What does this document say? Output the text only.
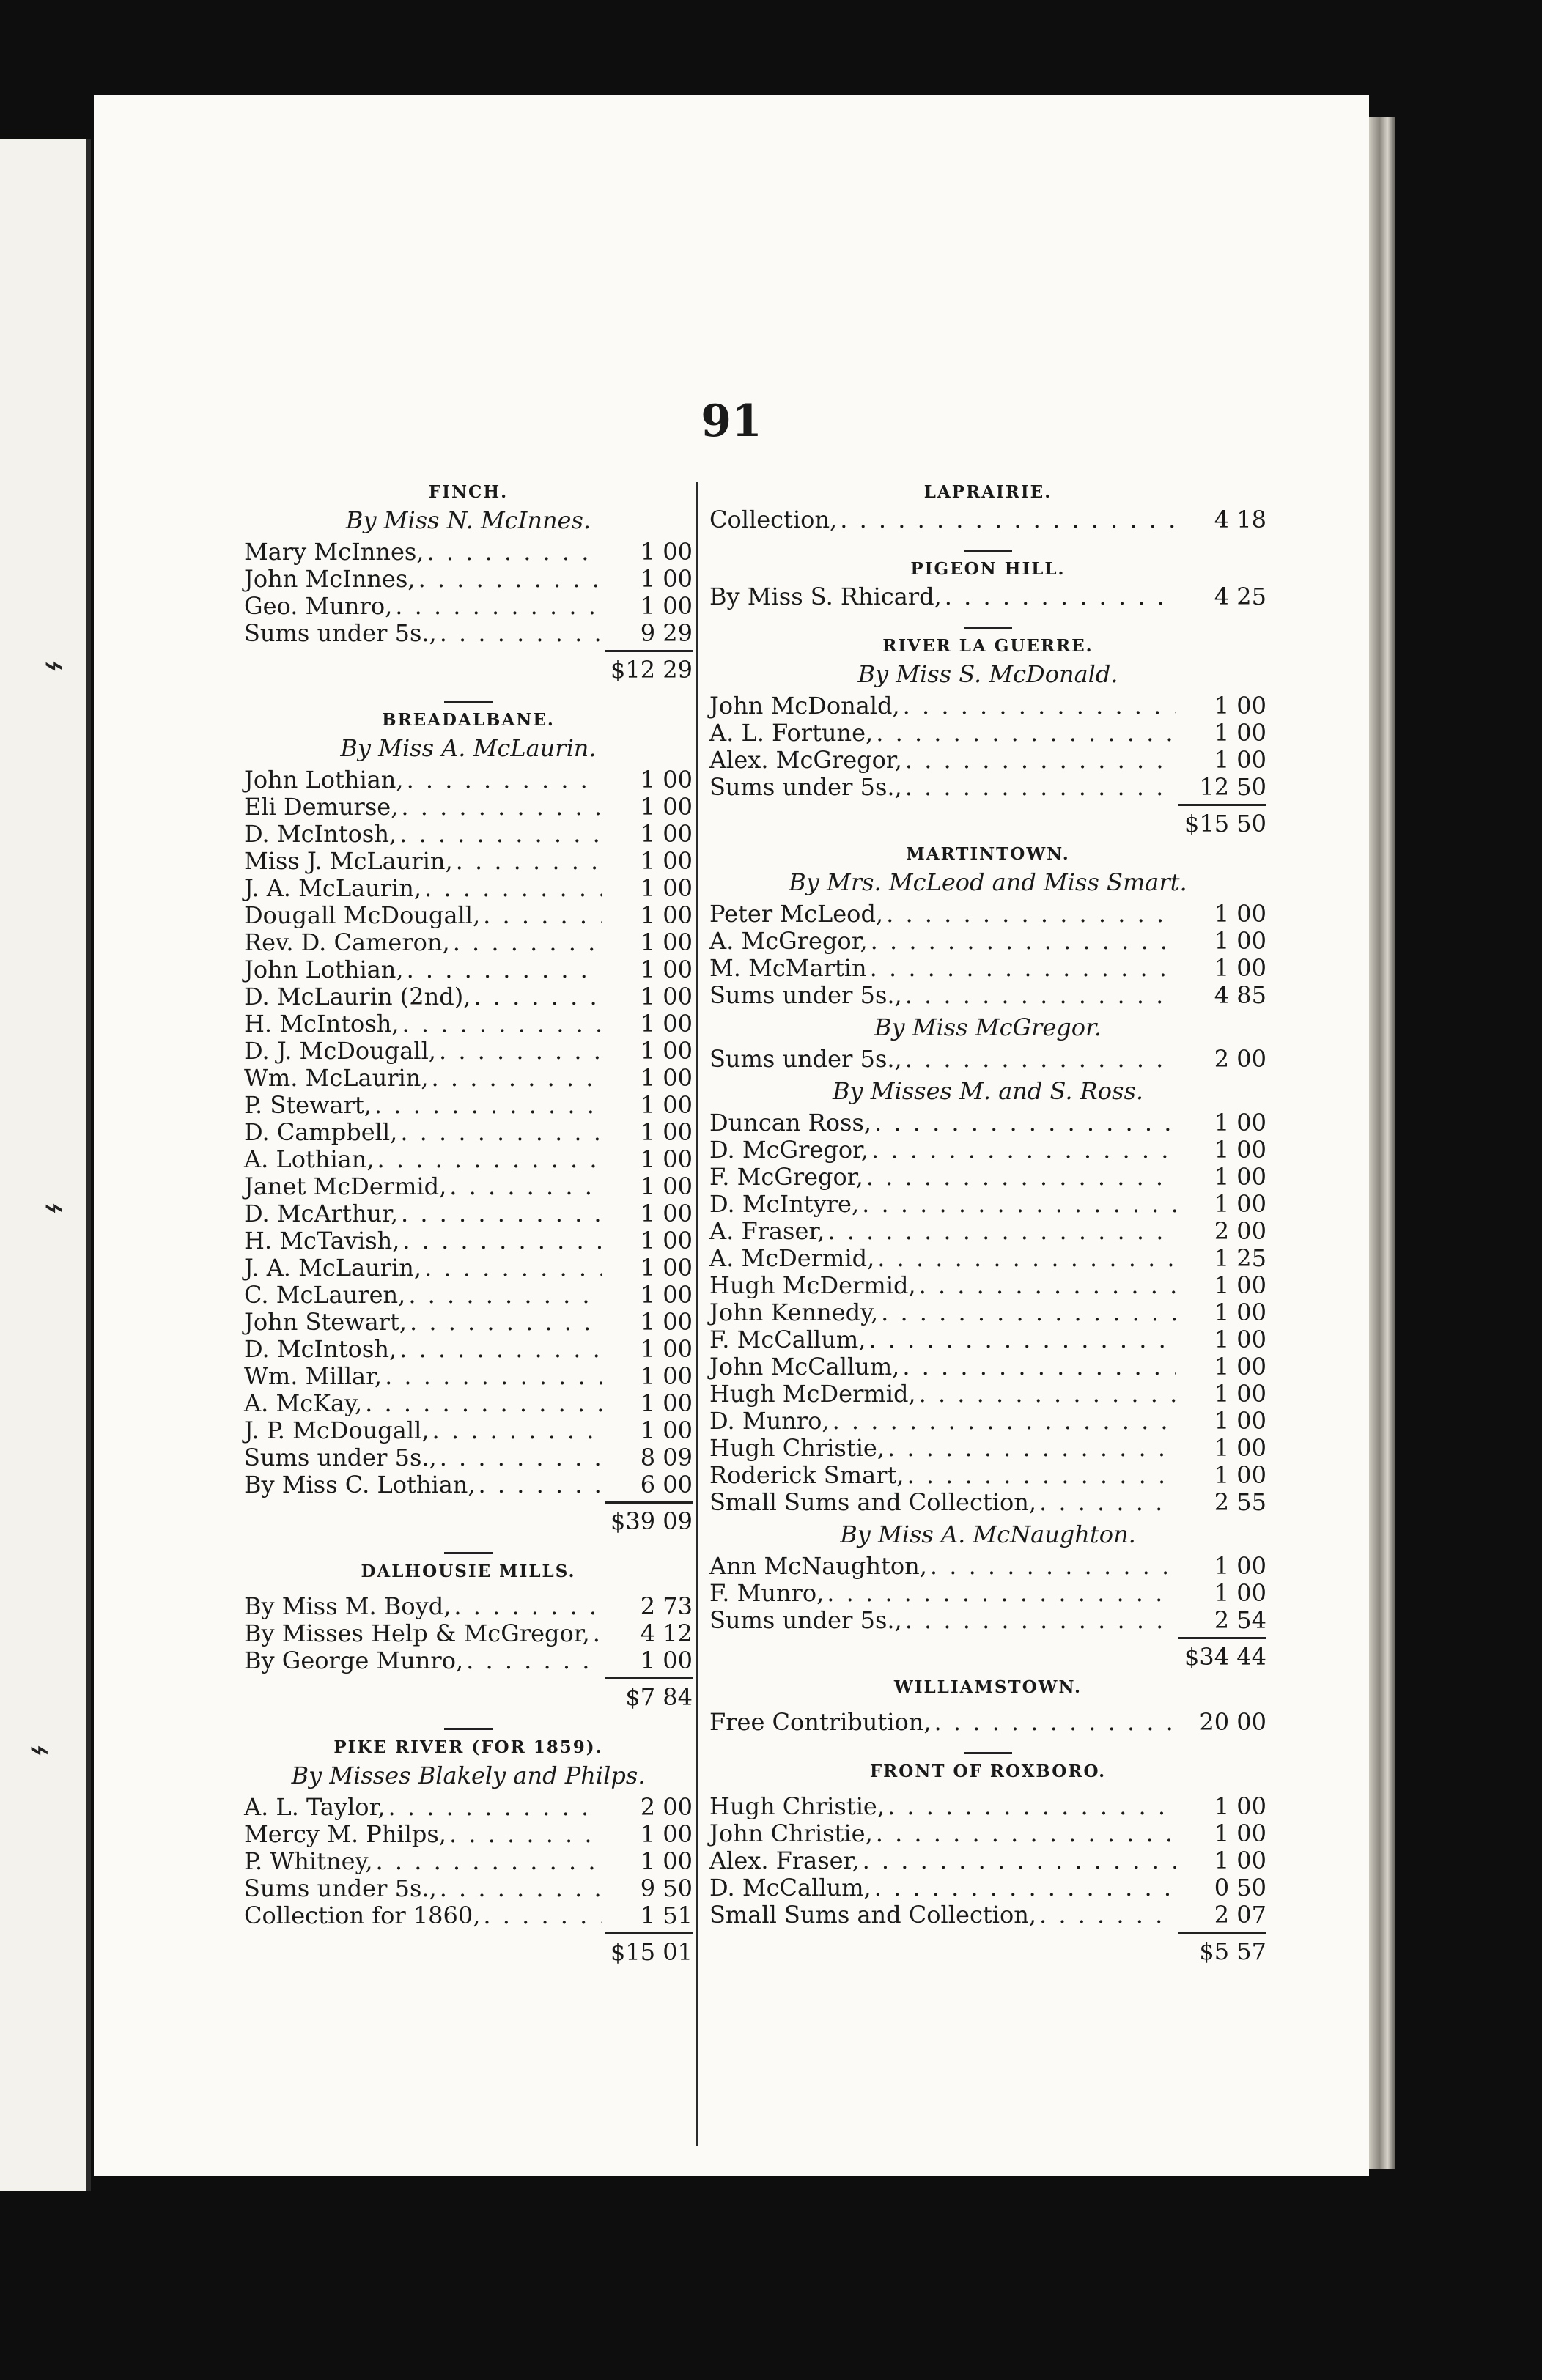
⌁
⌁
⌁
91
FINCH.
By Miss N. McInnes.
Mary McInnes, . . .	1 00
John McInnes, . . .	1 00
Geo. Munro, . . .	1 00
Sums under 5s., . . .	9 29
$12 29
BREADALBANE.
By Miss A. McLaurin.
John Lothian, . . .	1 00
Eli Demurse, . . .	1 00
D. McIntosh, . . .	1 00
Miss J. McLaurin, . . .	1 00
J. A. McLaurin, . . .	1 00
Dougall McDougall, . . .	1 00
Rev. D. Cameron, . . .	1 00
John Lothian, . . .	1 00
D. McLaurin (2nd), . . .	1 00
H. McIntosh, . . .	1 00
D. J. McDougall, . . .	1 00
Wm. McLaurin, . . .	1 00
P. Stewart, . . .	1 00
D. Campbell, . . .	1 00
A. Lothian, . . .	1 00
Janet McDermid, . . .	1 00
D. McArthur, . . .	1 00
H. McTavish, . . .	1 00
J. A. McLaurin, . . .	1 00
C. McLauren, . . .	1 00
John Stewart, . . .	1 00
D. McIntosh, . . .	1 00
Wm. Millar, . . .	1 00
A. McKay, . . .	1 00
J. P. McDougall, . . .	1 00
Sums under 5s., . . .	8 09
By Miss C. Lothian, . . .	6 00
$39 09
DALHOUSIE MILLS.
By Miss M. Boyd, . . .	2 73
By Misses Help & McGregor, . . .	4 12
By George Munro, . . .	1 00
$7 84
PIKE RIVER (FOR 1859).
By Misses Blakely and Philps.
A. L. Taylor, . . .	2 00
Mercy M. Philps, . . .	1 00
P. Whitney, . . .	1 00
Sums under 5s., . . .	9 50
Collection for 1860, . . .	1 51
$15 01
LAPRAIRIE.
Collection, . . .	4 18
PIGEON HILL.
By Miss S. Rhicard, . . .	4 25
RIVER LA GUERRE.
By Miss S. McDonald.
John McDonald, . . .	1 00
A. L. Fortune, . . .	1 00
Alex. McGregor, . . .	1 00
Sums under 5s., . . .	12 50
$15 50
MARTINTOWN.
By Mrs. McLeod and Miss Smart.
Peter McLeod, . . .	1 00
A. McGregor, . . .	1 00
M. McMartin . . .	1 00
Sums under 5s., . . .	4 85
By Miss McGregor.
Sums under 5s., . . .	2 00
By Misses M. and S. Ross.
Duncan Ross, . . .	1 00
D. McGregor, . . .	1 00
F. McGregor, . . .	1 00
D. McIntyre, . . .	1 00
A. Fraser, . . .	2 00
A. McDermid, . . .	1 25
Hugh McDermid, . . .	1 00
John Kennedy, . . .	1 00
F. McCallum, . . .	1 00
John McCallum, . . .	1 00
Hugh McDermid, . . .	1 00
D. Munro, . . .	1 00
Hugh Christie, . . .	1 00
Roderick Smart, . . .	1 00
Small Sums and Collection, . . .	2 55
By Miss A. McNaughton.
Ann McNaughton, . . .	1 00
F. Munro, . . .	1 00
Sums under 5s., . . .	2 54
$34 44
WILLIAMSTOWN.
Free Contribution, . . .	20 00
FRONT OF ROXBORO.
Hugh Christie, . . .	1 00
John Christie, . . .	1 00
Alex. Fraser, . . .	1 00
D. McCallum, . . .	0 50
Small Sums and Collection, . . .	2 07
$5 57
